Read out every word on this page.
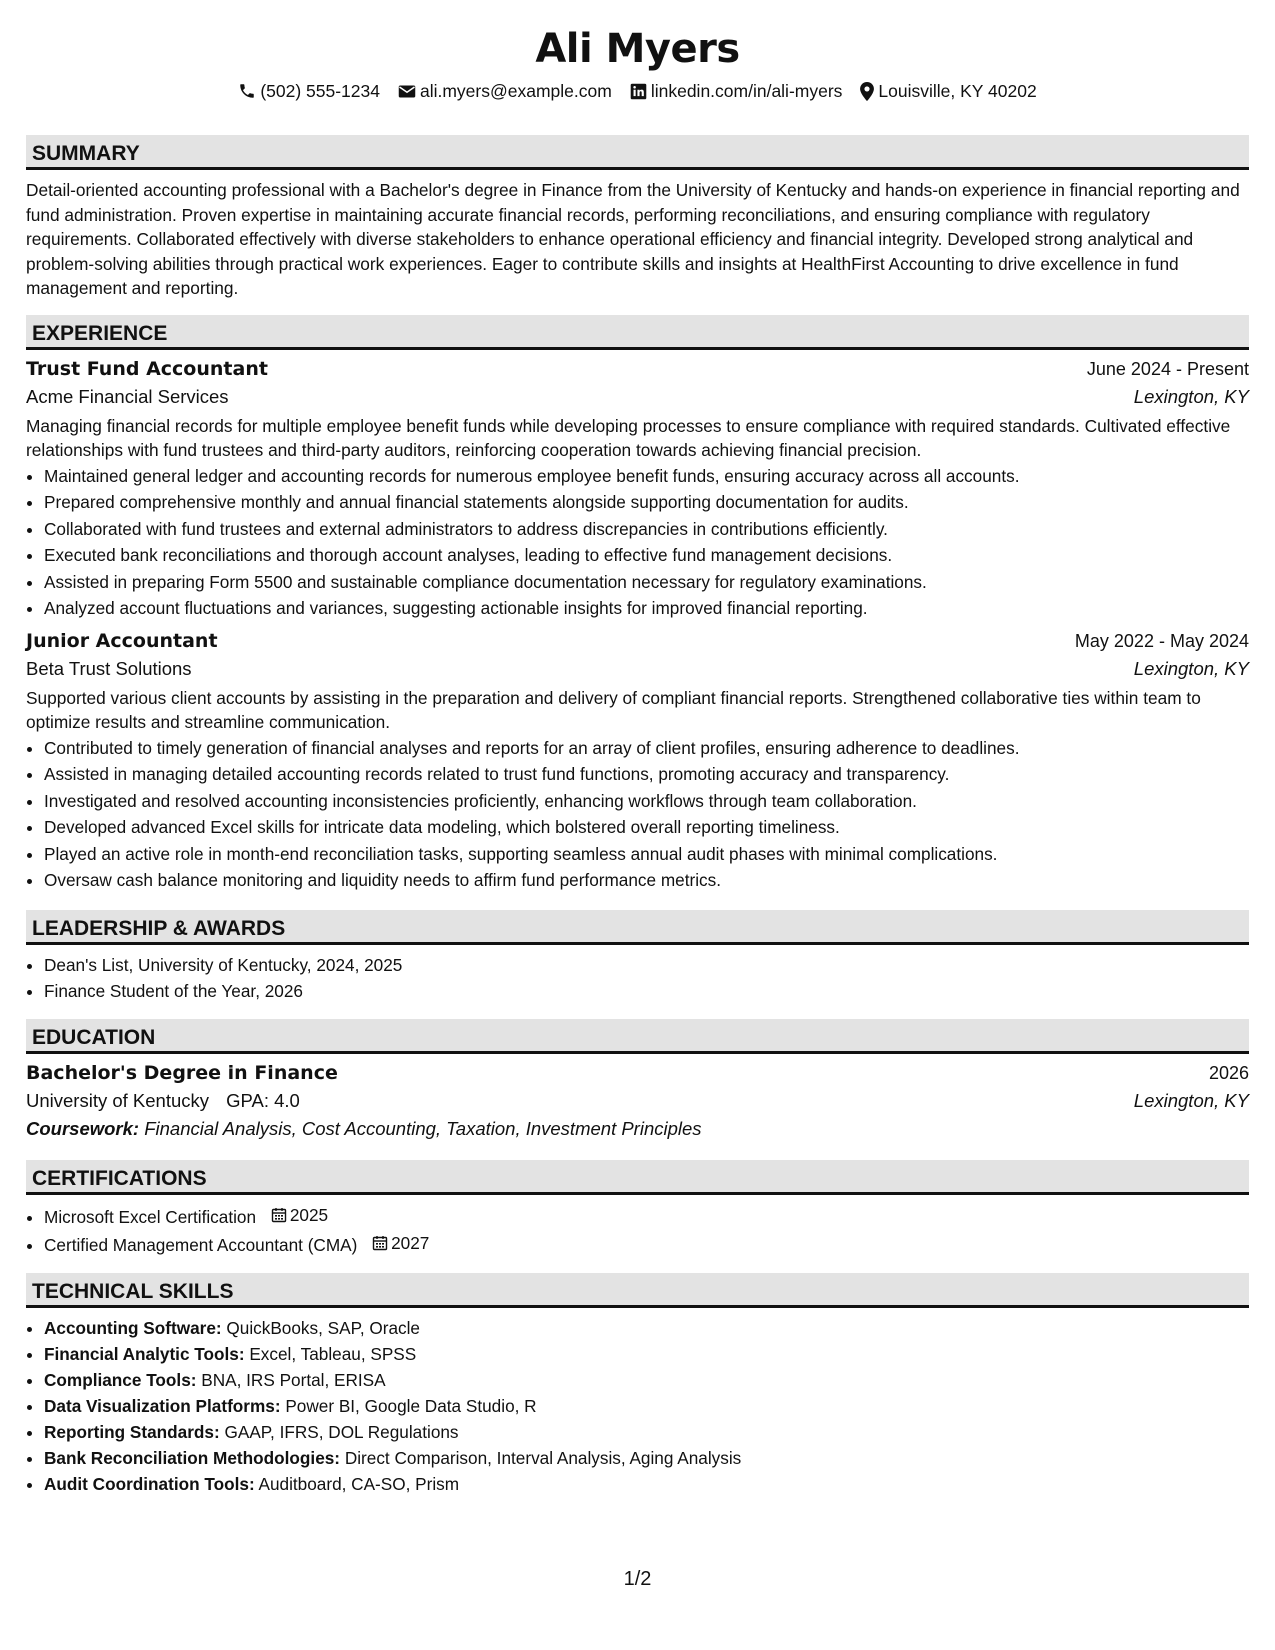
Ali Myers
(502) 555-1234 ali.myers@example.com linkedin.com/in/ali-myers Louisville, KY 40202
SUMMARY

Detail-oriented accounting professional with a Bachelor's degree in Finance from the University of Kentucky and hands-on experience in financial reporting and fund administration. Proven expertise in maintaining accurate financial records, performing reconciliations, and ensuring compliance with regulatory requirements. Collaborated effectively with diverse stakeholders to enhance operational efficiency and financial integrity. Developed strong analytical and problem-solving abilities through practical work experiences. Eager to contribute skills and insights at HealthFirst Accounting to drive excellence in fund management and reporting.

EXPERIENCE
Trust Fund Accountant	June 2024 - Present
Acme Financial Services	Lexington, KY

Managing financial records for multiple employee benefit funds while developing processes to ensure compliance with required standards. Cultivated effective relationships with fund trustees and third-party auditors, reinforcing cooperation towards achieving financial precision.

• Maintained general ledger and accounting records for numerous employee benefit funds, ensuring accuracy across all accounts.
• Prepared comprehensive monthly and annual financial statements alongside supporting documentation for audits.
• Collaborated with fund trustees and external administrators to address discrepancies in contributions efficiently.
• Executed bank reconciliations and thorough account analyses, leading to effective fund management decisions.
• Assisted in preparing Form 5500 and sustainable compliance documentation necessary for regulatory examinations.
• Analyzed account fluctuations and variances, suggesting actionable insights for improved financial reporting.
Junior Accountant	May 2022 - May 2024
Beta Trust Solutions	Lexington, KY

Supported various client accounts by assisting in the preparation and delivery of compliant financial reports. Strengthened collaborative ties within team to optimize results and streamline communication.

• Contributed to timely generation of financial analyses and reports for an array of client profiles, ensuring adherence to deadlines.
• Assisted in managing detailed accounting records related to trust fund functions, promoting accuracy and transparency.
• Investigated and resolved accounting inconsistencies proficiently, enhancing workflows through team collaboration.
• Developed advanced Excel skills for intricate data modeling, which bolstered overall reporting timeliness.
• Played an active role in month-end reconciliation tasks, supporting seamless annual audit phases with minimal complications.
• Oversaw cash balance monitoring and liquidity needs to affirm fund performance metrics.
LEADERSHIP & AWARDS
• Dean's List, University of Kentucky, 2024, 2025
• Finance Student of the Year, 2026
EDUCATION
Bachelor's Degree in Finance	2026
University of Kentucky GPA: 4.0	Lexington, KY
Coursework: Financial Analysis, Cost Accounting, Taxation, Investment Principles
CERTIFICATIONS
• Microsoft Excel Certification 2025
• Certified Management Accountant (CMA) 2027
TECHNICAL SKILLS
• Accounting Software: QuickBooks, SAP, Oracle
• Financial Analytic Tools: Excel, Tableau, SPSS
• Compliance Tools: BNA, IRS Portal, ERISA
• Data Visualization Platforms: Power BI, Google Data Studio, R
• Reporting Standards: GAAP, IFRS, DOL Regulations
• Bank Reconciliation Methodologies: Direct Comparison, Interval Analysis, Aging Analysis
• Audit Coordination Tools: Auditboard, CA-SO, Prism
1/2
